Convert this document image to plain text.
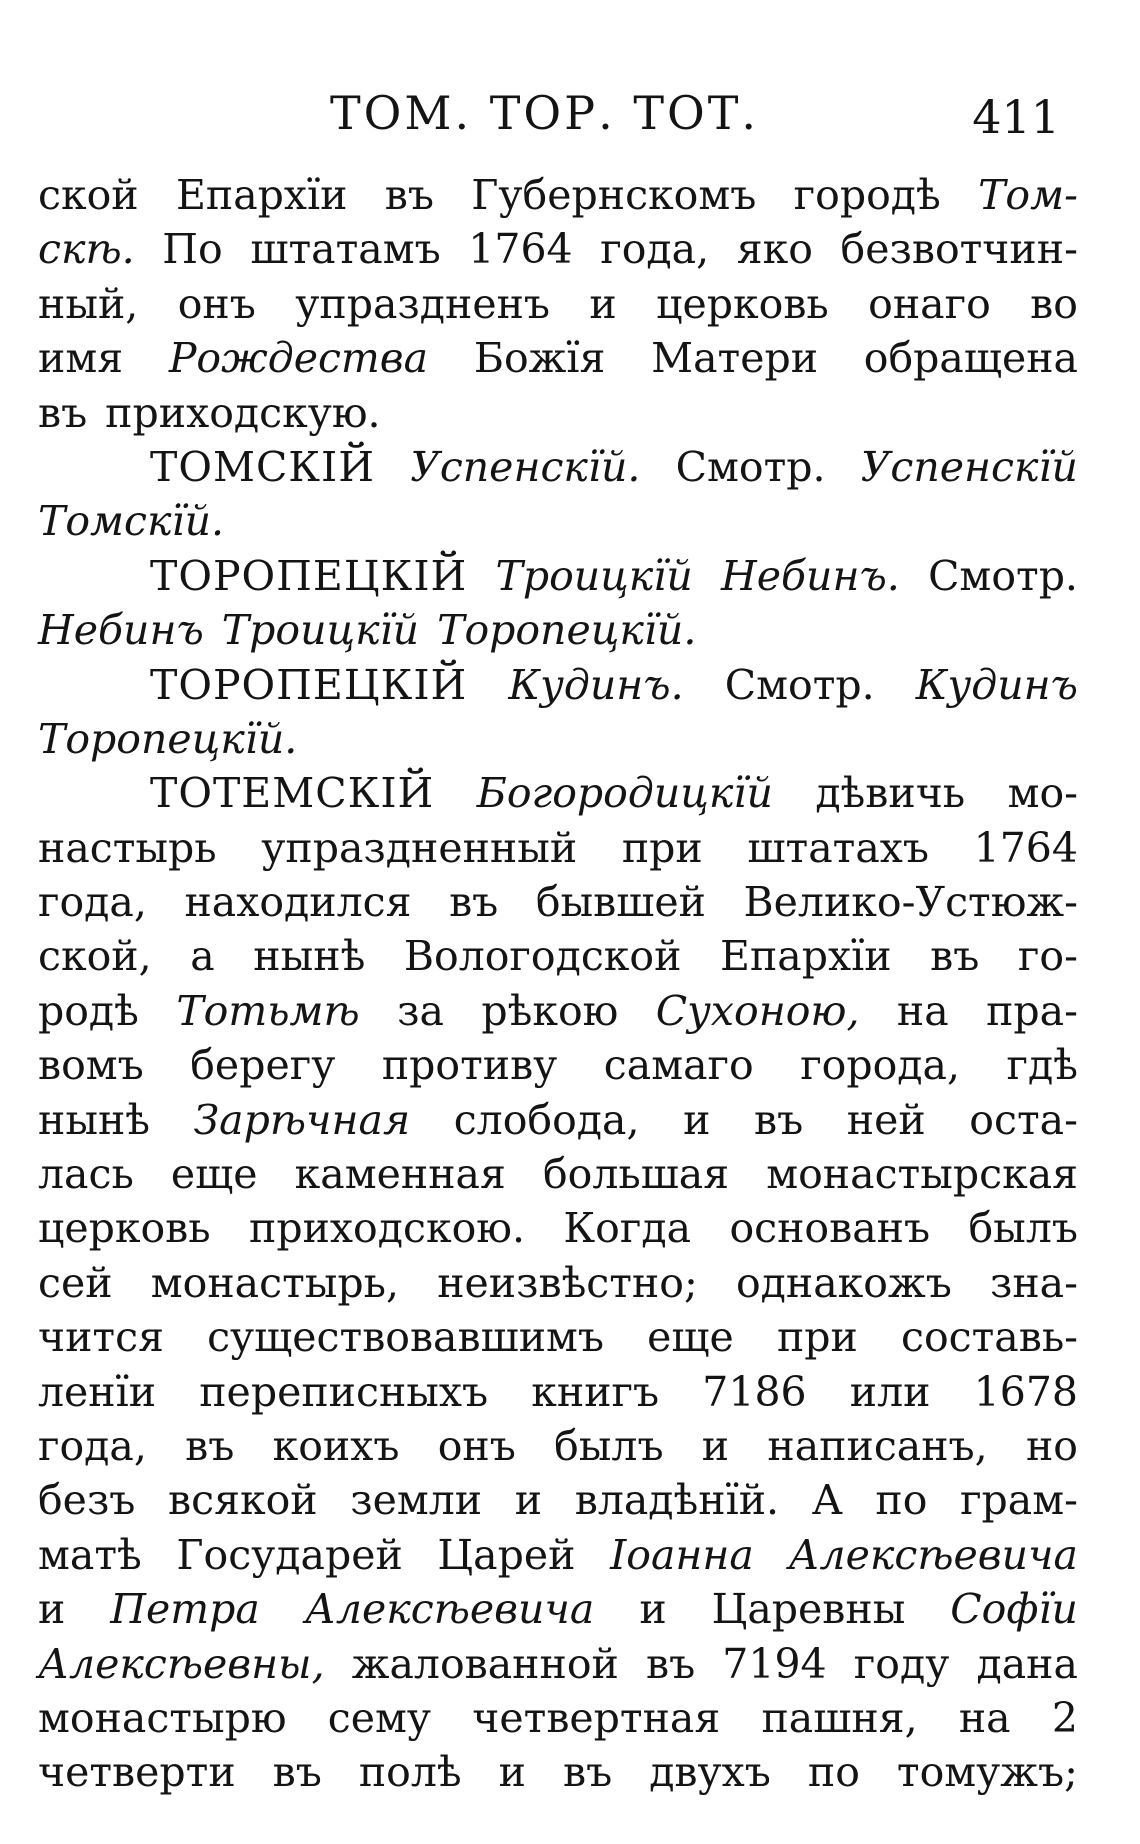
ТОМ. ТОР. ТОТ.	411
ской Епархїи въ Губернскомъ городѣ Том-
скѣ. По штатамъ 1764 года, яко безвотчин-
ный, онъ упраздненъ и церковь онаго во
имя Рождества Божїя Матери обращена
въ приходскую.
ТОМСКІЙ Успенскїй. Смотр. Успенскїй
Томскїй.
ТОРОПЕЦКІЙ Троицкїй Небинъ. Смотр.
Небинъ Троицкїй Торопецкїй.
ТОРОПЕЦКІЙ Кудинъ. Смотр. Кудинъ
Торопецкїй.
ТОТЕМСКІЙ Богородицкїй дѣвичь мо-
настырь упраздненный при штатахъ 1764
года, находился въ бывшей Велико-Устюж-
ской, а нынѣ Вологодской Епархїи въ го-
родѣ Тотьмѣ за рѣкою Сухоною, на пра-
вомъ берегу противу самаго города, гдѣ
нынѣ Зарѣчная слобода, и въ ней оста-
лась еще каменная большая монастырская
церковь приходскою. Когда основанъ былъ
сей монастырь, неизвѣстно; однакожъ зна-
чится существовавшимъ еще при составь-
ленїи переписныхъ книгъ 7186 или 1678
года, въ коихъ онъ былъ и написанъ, но
безъ всякой земли и владѣнїй. А по грам-
матѣ Государей Царей Іоанна Алексѣевича
и Петра Алексѣевича и Царевны Софїи
Алексѣевны, жалованной въ 7194 году дана
монастырю сему четвертная пашня, на 2
четверти въ полѣ и въ двухъ по томужъ;
